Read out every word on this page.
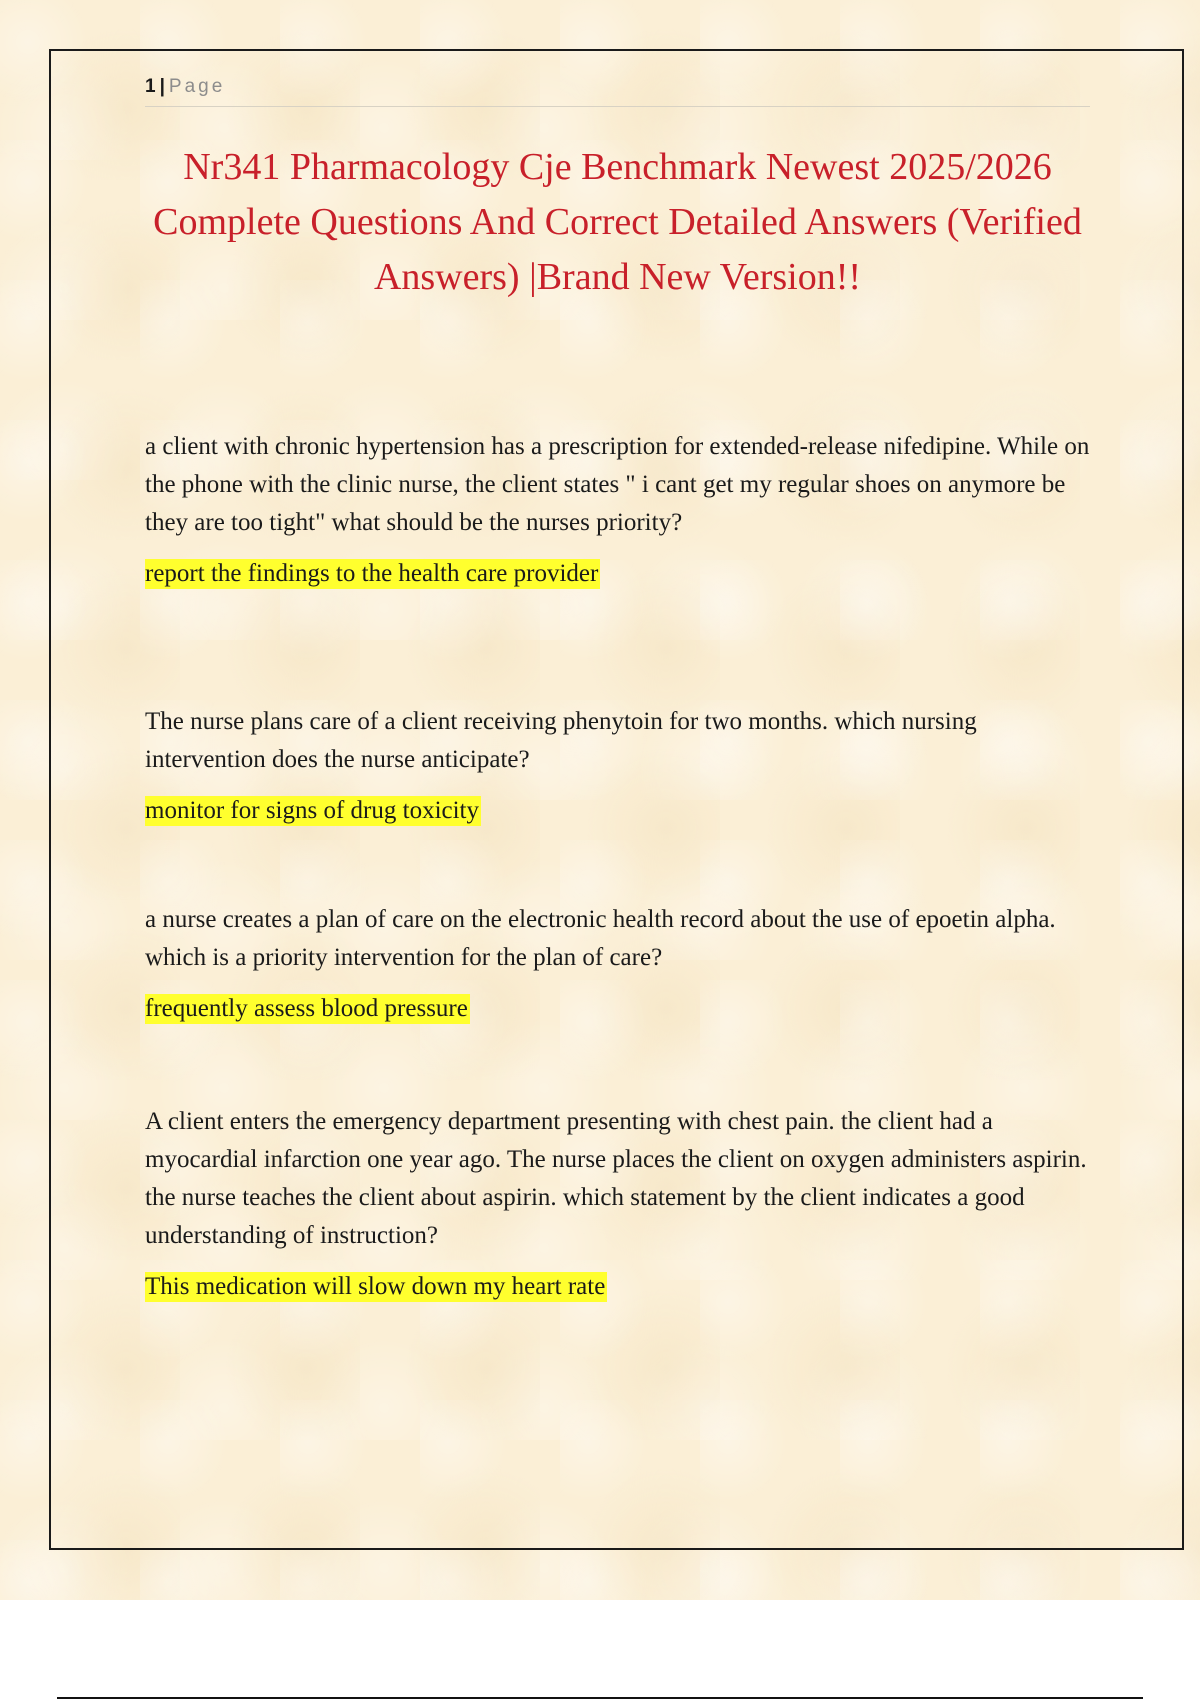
1 | Page
Nr341 Pharmacology Cje Benchmark Newest 2025/2026 Complete Questions And Correct Detailed Answers (Verified Answers) |Brand New Version!!

a client with chronic hypertension has a prescription for extended-release nifedipine. While on the phone with the clinic nurse, the client states " i cant get my regular shoes on anymore be they are too tight" what should be the nurses priority?

report the findings to the health care provider

The nurse plans care of a client receiving phenytoin for two months. which nursing intervention does the nurse anticipate?

monitor for signs of drug toxicity

a nurse creates a plan of care on the electronic health record about the use of epoetin alpha. which is a priority intervention for the plan of care?

frequently assess blood pressure

A client enters the emergency department presenting with chest pain. the client had a myocardial infarction one year ago. The nurse places the client on oxygen administers aspirin. the nurse teaches the client about aspirin. which statement by the client indicates a good understanding of instruction?

This medication will slow down my heart rate
